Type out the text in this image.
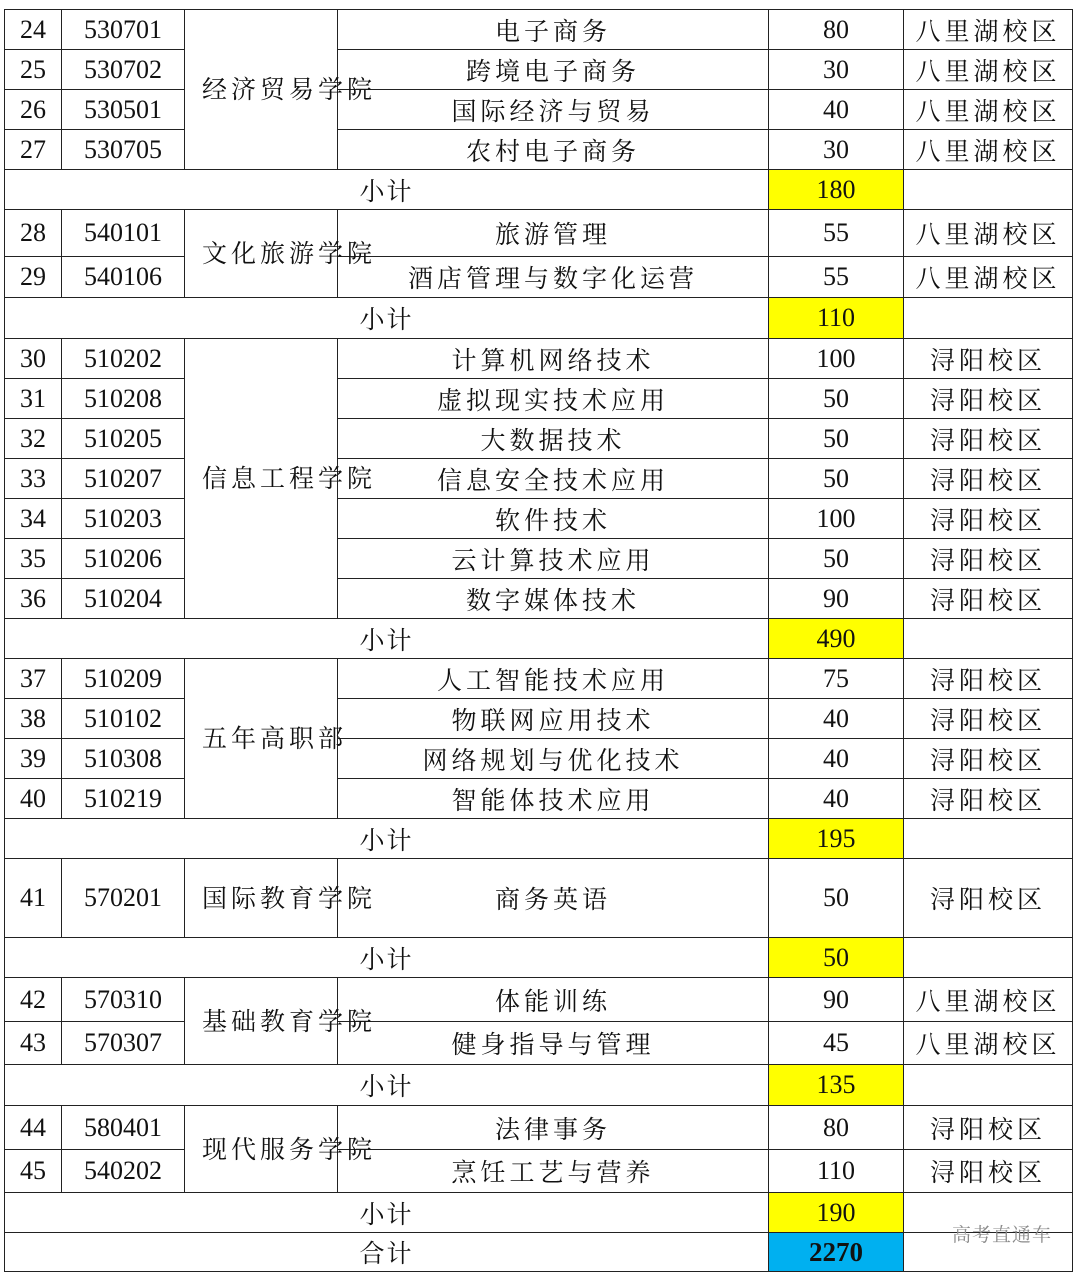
24	530701	经济贸易学院	电子商务	80	八里湖校区
25	530702		跨境电子商务	30	八里湖校区
26	530501		国际经济与贸易	40	八里湖校区
27	530705		农村电子商务	30	八里湖校区
小计				180	
28	540101	文化旅游学院	旅游管理	55	八里湖校区
29	540106		酒店管理与数字化运营	55	八里湖校区
小计				110	
30	510202	信息工程学院	计算机网络技术	100	浔阳校区
31	510208		虚拟现实技术应用	50	浔阳校区
32	510205		大数据技术	50	浔阳校区
33	510207		信息安全技术应用	50	浔阳校区
34	510203		软件技术	100	浔阳校区
35	510206		云计算技术应用	50	浔阳校区
36	510204		数字媒体技术	90	浔阳校区
小计				490	
37	510209	五年高职部	人工智能技术应用	75	浔阳校区
38	510102		物联网应用技术	40	浔阳校区
39	510308		网络规划与优化技术	40	浔阳校区
40	510219		智能体技术应用	40	浔阳校区
小计				195	
41	570201	国际教育学院	商务英语	50	浔阳校区
小计				50	
42	570310	基础教育学院	体能训练	90	八里湖校区
43	570307		健身指导与管理	45	八里湖校区
小计				135	
44	580401	现代服务学院	法律事务	80	浔阳校区
45	540202		烹饪工艺与营养	110	浔阳校区
小计				190	
合计				2270	
高考直通车
